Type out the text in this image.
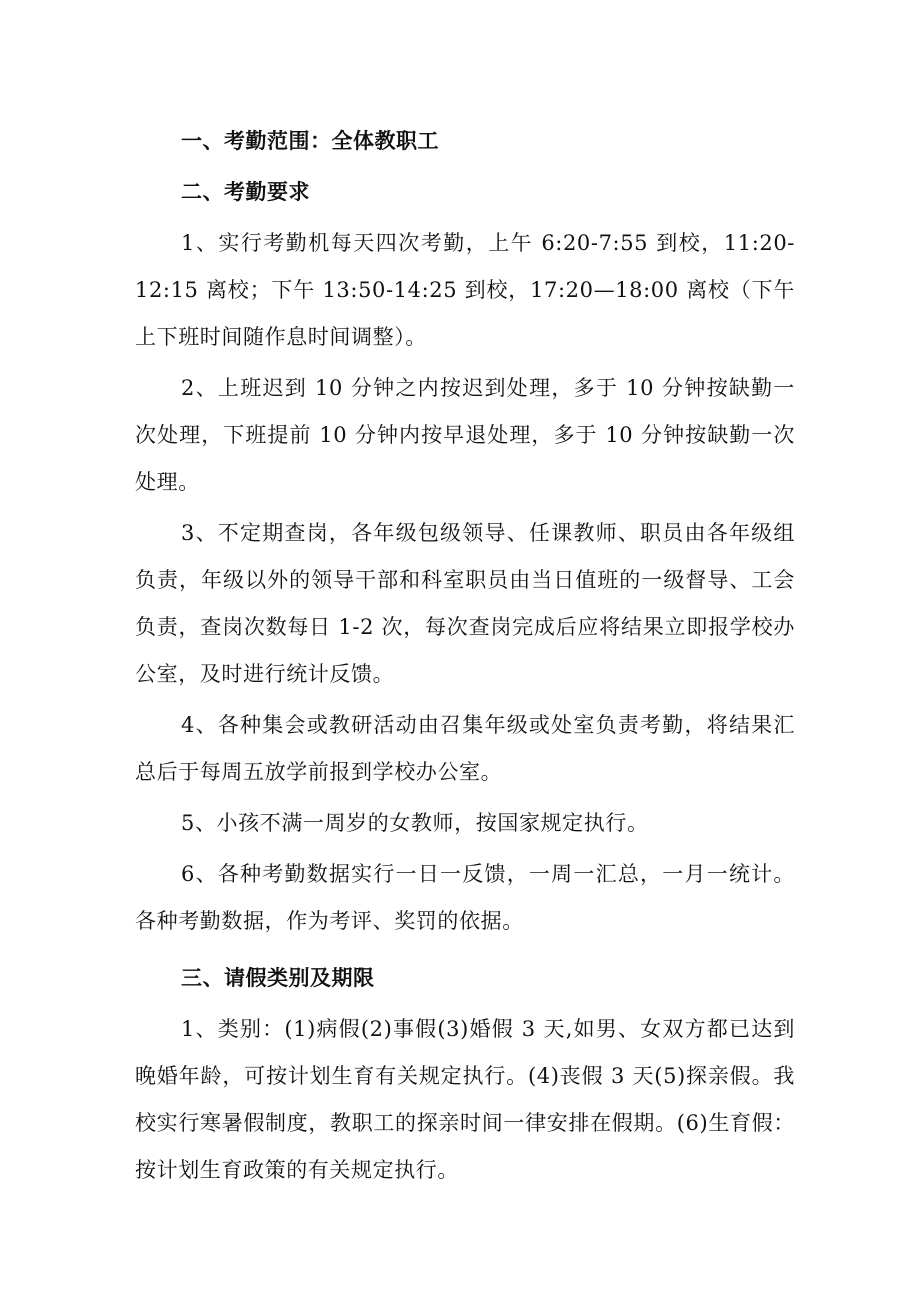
一、考勤范围：全体教职工

二、考勤要求

1、实行考勤机每天四次考勤，上午 6:20-7:55 到校，11:20-12:15 离校；下午 13:50-14:25 到校，17:20—18:00 离校（下午上下班时间随作息时间调整）。

2、上班迟到 10 分钟之内按迟到处理，多于 10 分钟按缺勤一次处理，下班提前 10 分钟内按早退处理，多于 10 分钟按缺勤一次处理。

3、不定期查岗，各年级包级领导、任课教师、职员由各年级组负责，年级以外的领导干部和科室职员由当日值班的一级督导、工会负责，查岗次数每日 1-2 次，每次查岗完成后应将结果立即报学校办公室，及时进行统计反馈。

4、各种集会或教研活动由召集年级或处室负责考勤，将结果汇总后于每周五放学前报到学校办公室。

5、小孩不满一周岁的女教师，按国家规定执行。

6、各种考勤数据实行一日一反馈，一周一汇总，一月一统计。各种考勤数据，作为考评、奖罚的依据。

三、请假类别及期限

1、类别：(1)病假(2)事假(3)婚假 3 天,如男、女双方都已达到晚婚年龄，可按计划生育有关规定执行。(4)丧假 3 天(5)探亲假。我校实行寒暑假制度，教职工的探亲时间一律安排在假期。(6)生育假：按计划生育政策的有关规定执行。
